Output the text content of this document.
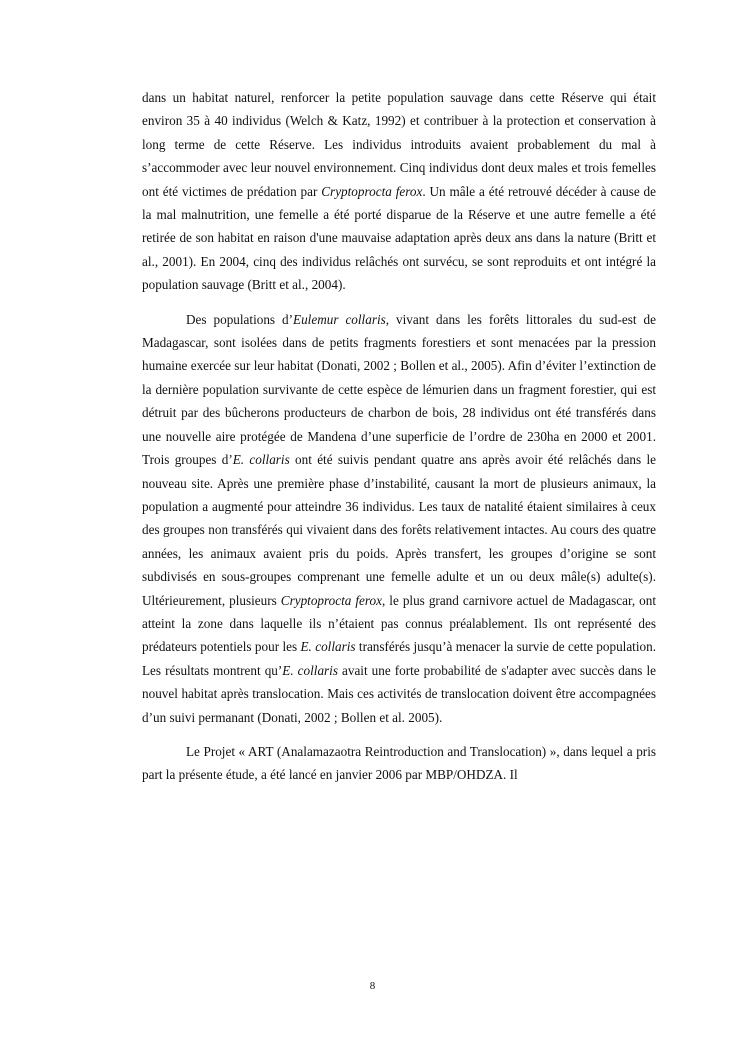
dans un habitat naturel, renforcer la petite population sauvage dans cette Réserve qui était environ 35 à 40 individus (Welch & Katz, 1992) et contribuer à la protection et conservation à long terme de cette Réserve. Les individus introduits avaient probablement du mal à s’accommoder avec leur nouvel environnement. Cinq individus dont deux males et trois femelles ont été victimes de prédation par Cryptoprocta ferox. Un mâle a été retrouvé décéder à cause de la mal malnutrition, une femelle a été porté disparue de la Réserve et une autre femelle a été retirée de son habitat en raison d'une mauvaise adaptation après deux ans dans la nature (Britt et al., 2001). En 2004, cinq des individus relâchés ont survécu, se sont reproduits et ont intégré la population sauvage (Britt et al., 2004).

Des populations d’Eulemur collaris, vivant dans les forêts littorales du sud-est de Madagascar, sont isolées dans de petits fragments forestiers et sont menacées par la pression humaine exercée sur leur habitat (Donati, 2002 ; Bollen et al., 2005). Afin d’éviter l’extinction de la dernière population survivante de cette espèce de lémurien dans un fragment forestier, qui est détruit par des bûcherons producteurs de charbon de bois, 28 individus ont été transférés dans une nouvelle aire protégée de Mandena d’une superficie de l’ordre de 230ha en 2000 et 2001. Trois groupes d’E. collaris ont été suivis pendant quatre ans après avoir été relâchés dans le nouveau site. Après une première phase d’instabilité, causant la mort de plusieurs animaux, la population a augmenté pour atteindre 36 individus. Les taux de natalité étaient similaires à ceux des groupes non transférés qui vivaient dans des forêts relativement intactes. Au cours des quatre années, les animaux avaient pris du poids. Après transfert, les groupes d’origine se sont subdivisés en sous-groupes comprenant une femelle adulte et un ou deux mâle(s) adulte(s). Ultérieurement, plusieurs Cryptoprocta ferox, le plus grand carnivore actuel de Madagascar, ont atteint la zone dans laquelle ils n’étaient pas connus préalablement. Ils ont représenté des prédateurs potentiels pour les E. collaris transférés jusqu’à menacer la survie de cette population. Les résultats montrent qu’E. collaris avait une forte probabilité de s'adapter avec succès dans le nouvel habitat après translocation. Mais ces activités de translocation doivent être accompagnées d’un suivi permanant (Donati, 2002 ; Bollen et al. 2005).

Le Projet « ART (Analamazaotra Reintroduction and Translocation) », dans lequel a pris part la présente étude, a été lancé en janvier 2006 par MBP/OHDZA. Il

8
